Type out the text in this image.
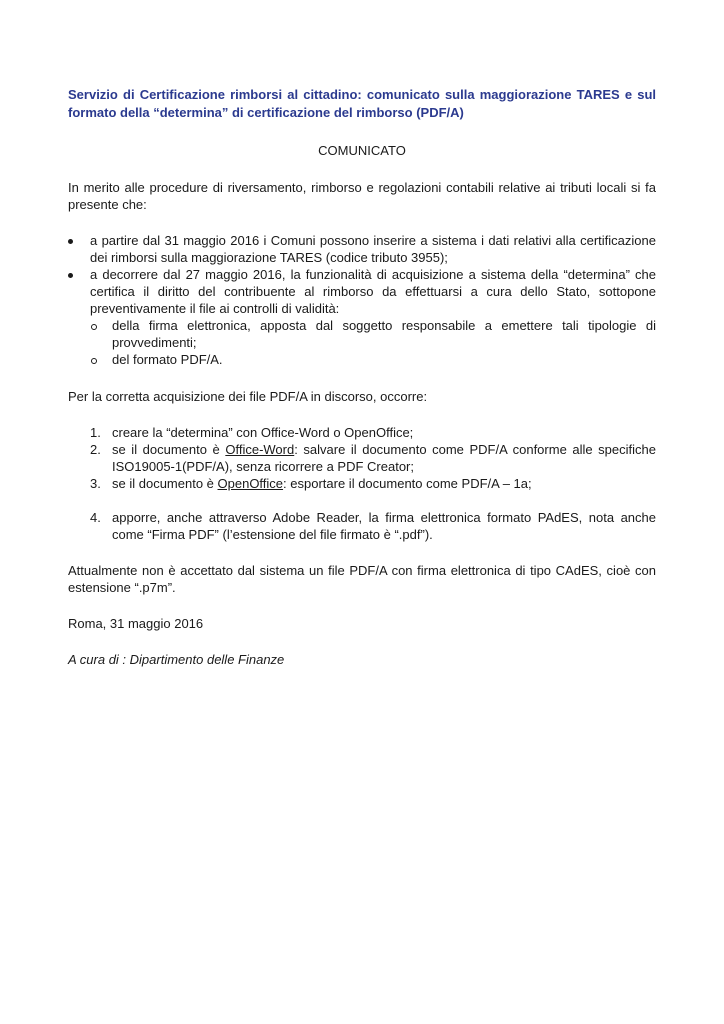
Servizio di Certificazione rimborsi al cittadino: comunicato sulla maggiorazione TARES e sul formato della “determina” di certificazione del rimborso (PDF/A)
COMUNICATO

In merito alle procedure di riversamento, rimborso e regolazioni contabili relative ai tributi locali si fa presente che:

a partire dal 31 maggio 2016 i Comuni possono inserire a sistema i dati relativi alla certificazione dei rimborsi sulla maggiorazione TARES (codice tributo 3955);
a decorrere dal 27 maggio 2016, la funzionalità di acquisizione a sistema della “determina” che certifica il diritto del contribuente al rimborso da effettuarsi a cura dello Stato, sottopone preventivamente il file ai controlli di validità:
della firma elettronica, apposta dal soggetto responsabile a emettere tali tipologie di provvedimenti;
del formato PDF/A.

Per la corretta acquisizione dei file PDF/A in discorso, occorre:

1. creare la “determina” con Office-Word o OpenOffice;
2. se il documento è Office-Word: salvare il documento come PDF/A conforme alle specifiche ISO19005-1(PDF/A), senza ricorrere a PDF Creator;
3. se il documento è OpenOffice: esportare il documento come PDF/A – 1a;
4. apporre, anche attraverso Adobe Reader, la firma elettronica formato PAdES, nota anche come “Firma PDF” (l’estensione del file firmato è “.pdf”).

Attualmente non è accettato dal sistema un file PDF/A con firma elettronica di tipo CAdES, cioè con estensione “.p7m”.

Roma, 31 maggio 2016

A cura di : Dipartimento delle Finanze
